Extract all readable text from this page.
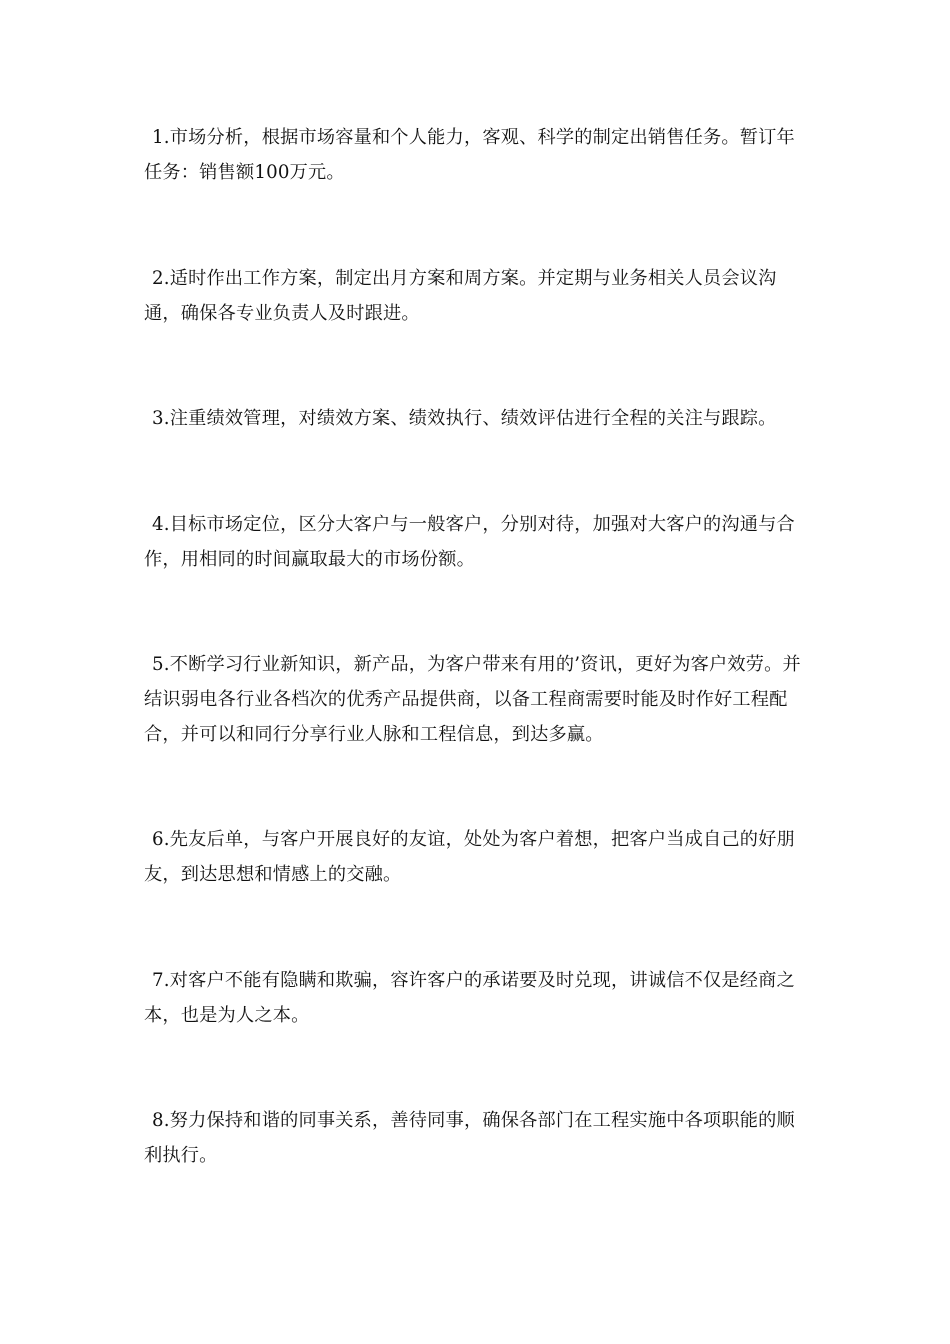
1.市场分析，根据市场容量和个人能力，客观、科学的制定出销售任务。暂订年任务：销售额100万元。

2.适时作出工作方案，制定出月方案和周方案。并定期与业务相关人员会议沟通，确保各专业负责人及时跟进。

3.注重绩效管理，对绩效方案、绩效执行、绩效评估进行全程的关注与跟踪。

4.目标市场定位，区分大客户与一般客户，分别对待，加强对大客户的沟通与合作，用相同的时间赢取最大的市场份额。

5.不断学习行业新知识，新产品，为客户带来有用的’资讯，更好为客户效劳。并结识弱电各行业各档次的优秀产品提供商，以备工程商需要时能及时作好工程配合，并可以和同行分享行业人脉和工程信息，到达多赢。

6.先友后单，与客户开展良好的友谊，处处为客户着想，把客户当成自己的好朋友，到达思想和情感上的交融。

7.对客户不能有隐瞒和欺骗，容许客户的承诺要及时兑现，讲诚信不仅是经商之本，也是为人之本。

8.努力保持和谐的同事关系，善待同事，确保各部门在工程实施中各项职能的顺利执行。
